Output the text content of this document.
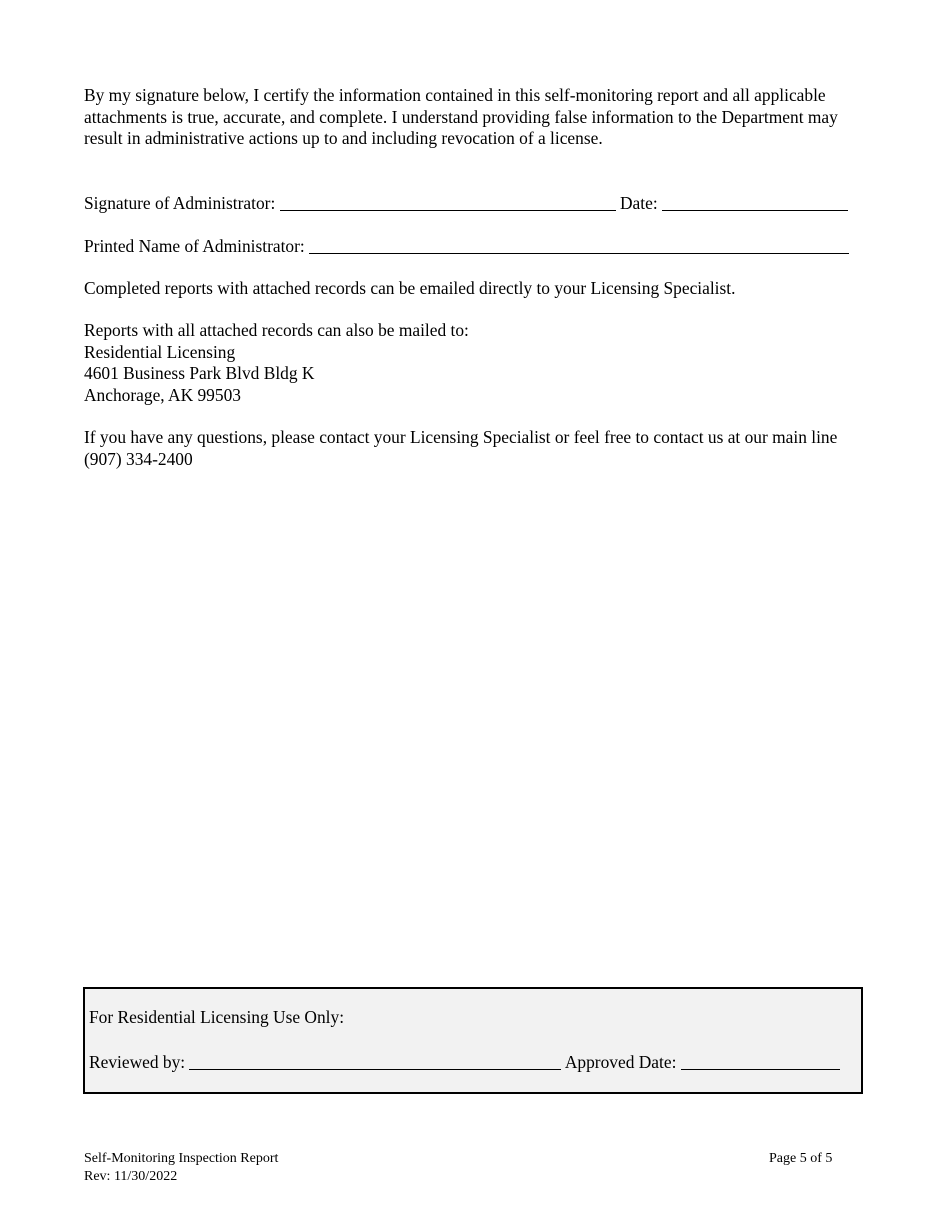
By my signature below, I certify the information contained in this self-monitoring report and all applicable attachments is true, accurate, and complete. I understand providing false information to the Department may result in administrative actions up to and including revocation of a license.
Signature of Administrator:	Date:
Printed Name of Administrator:
Completed reports with attached records can be emailed directly to your Licensing Specialist.
Reports with all attached records can also be mailed to:
Residential Licensing
4601 Business Park Blvd Bldg K
Anchorage, AK 99503
If you have any questions, please contact your Licensing Specialist or feel free to contact us at our main line (907) 334-2400
For Residential Licensing Use Only:
Reviewed by:	Approved Date:
Self-Monitoring Inspection Report
Rev: 11/30/2022
Page 5 of 5
